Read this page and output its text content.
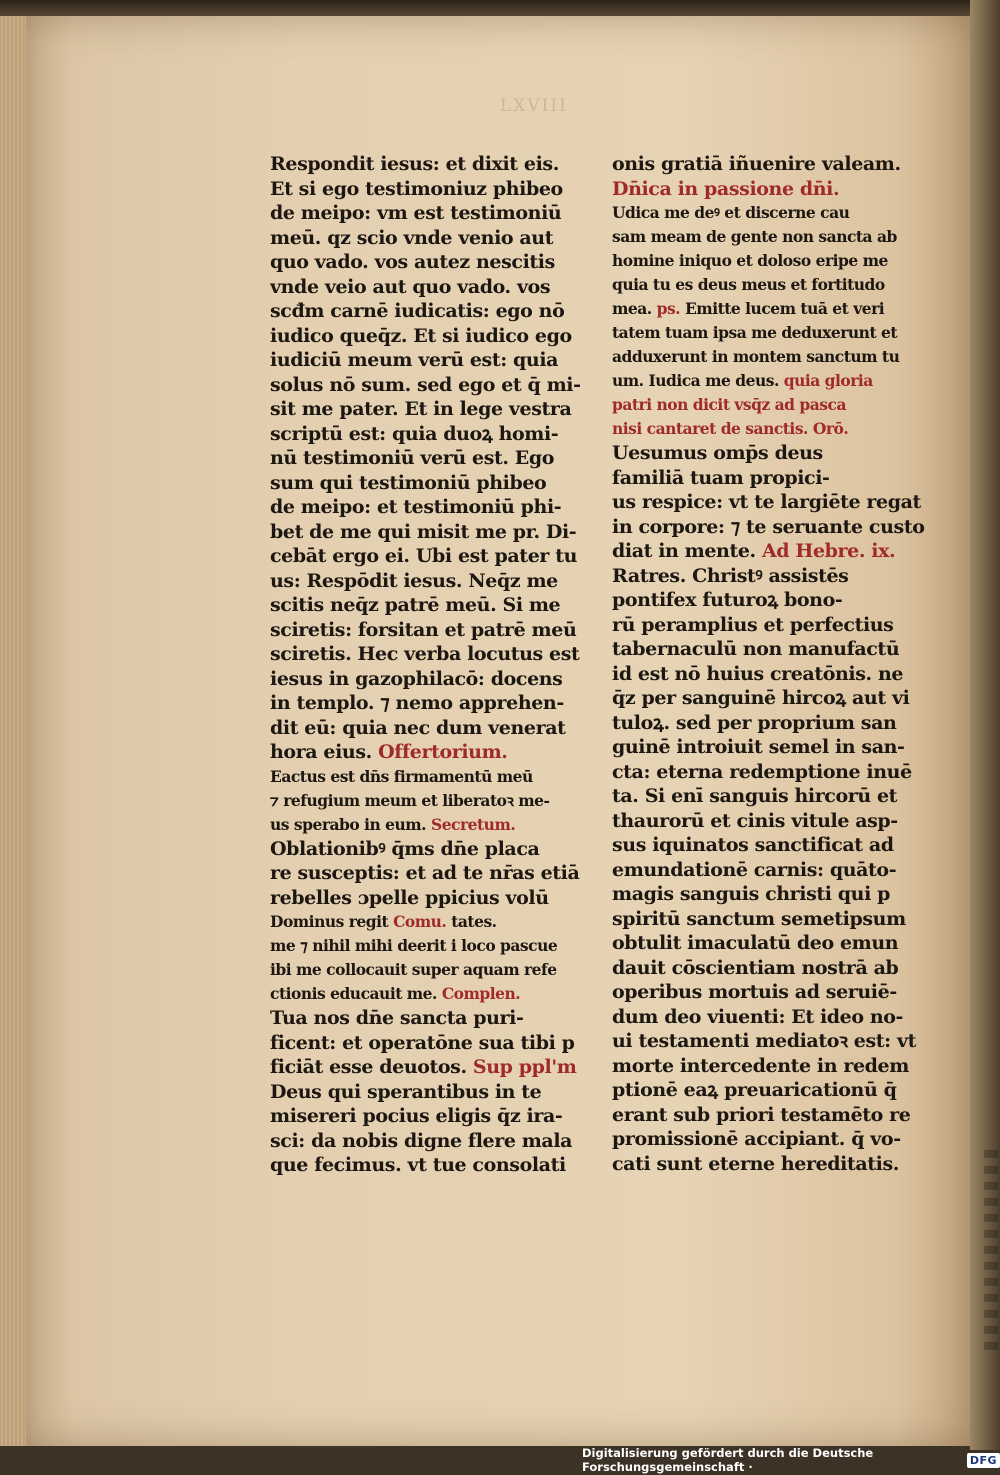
LXVIII
Respondit iesus: et dixit eis.
Et si ego testimoniuz phibeo
de meipo: vm est testimoniū
meū. qz scio vnde venio aut
quo vado. vos autez nescitis
vnde veio aut quo vado. vos
scđm carnē iudicatis: ego nō
iudico queq̄z. Et si iudico ego
iudiciū meum verū est: quia
solus nō sum. sed ego et q̄ mi-
sit me pater. Et in lege vestra
scriptū est: quia duoꝝ homi-
nū testimoniū verū est. Ego
sum qui testimoniū phibeo
de meipo: et testimoniū phi-
bet de me qui misit me pr. Di-
cebāt ergo ei. Ubi est pater tu
us: Respōdit iesus. Neq̄z me
scitis neq̄z patrē meū. Si me
sciretis: forsitan et patrē meū
sciretis. Hec verba locutus est
iesus in gazophilacō: docens
in templo. ⁊ nemo apprehen-
dit eū: quia nec dum venerat
hora eius. Offertorium.
Eactus est dn̄s firmamentū meū
⁊ refugium meum et liberatoꝛ me-
us sperabo in eum. Secretum.
Oblationibꝰ q̄ms dn̄e placa
re susceptis: et ad te nr̄as etiā
rebelles ɔpelle ppicius volū
Dominus regit Comu. tates.
me ⁊ nihil mihi deerit i loco pascue
ibi me collocauit super aquam refe
ctionis educauit me. Complen.
Tua nos dn̄e sancta puri-
ficent: et operatōne sua tibi p
ficiāt esse deuotos. Sup ppl'm
Deus qui sperantibus in te
misereri pocius eligis q̄z ira-
sci: da nobis digne flere mala
que fecimus. vt tue consolati
onis gratiā iñuenire valeam.
Dn̄ica in passione dn̄i.
Udica me deꝰ et discerne cau
sam meam de gente non sancta ab
homine iniquo et doloso eripe me
quia tu es deus meus et fortitudo
mea. ps. Emitte lucem tuā et veri
tatem tuam ipsa me deduxerunt et
adduxerunt in montem sanctum tu
um. Iudica me deus. quia gloria
patri non dicit vsq̄z ad pasca
nisi cantaret de sanctis. Orō.
Uesumus omp̄s deus
familiā tuam propici-
us respice: vt te largiēte regat
in corpore: ⁊ te seruante custo
diat in mente. Ad Hebre. ix.
Ratres. Christꝰ assistēs
pontifex futuroꝝ bono-
rū peramplius et perfectius
tabernaculū non manufactū
id est nō huius creatōnis. ne
q̄z per sanguinē hircoꝝ aut vi
tuloꝝ. sed per proprium san
guinē introiuit semel in san-
cta: eterna redemptione inuē
ta. Si enī sanguis hircorū et
thaurorū et cinis vitule asp-
sus iquinatos sanctificat ad
emundationē carnis: quāto-
magis sanguis christi qui p
spiritū sanctum semetipsum
obtulit imaculatū deo emun
dauit cōscientiam nostrā ab
operibus mortuis ad seruiē-
dum deo viuenti: Et ideo no-
ui testamenti mediatoꝛ est: vt
morte intercedente in redem
ptionē eaꝝ preuaricationū q̄
erant sub priori testamēto re
promissionē accipiant. q̄ vo-
cati sunt eterne hereditatis.
Digitalisierung gefördert durch die Deutsche Forschungsgemeinschaft ·	DFG
